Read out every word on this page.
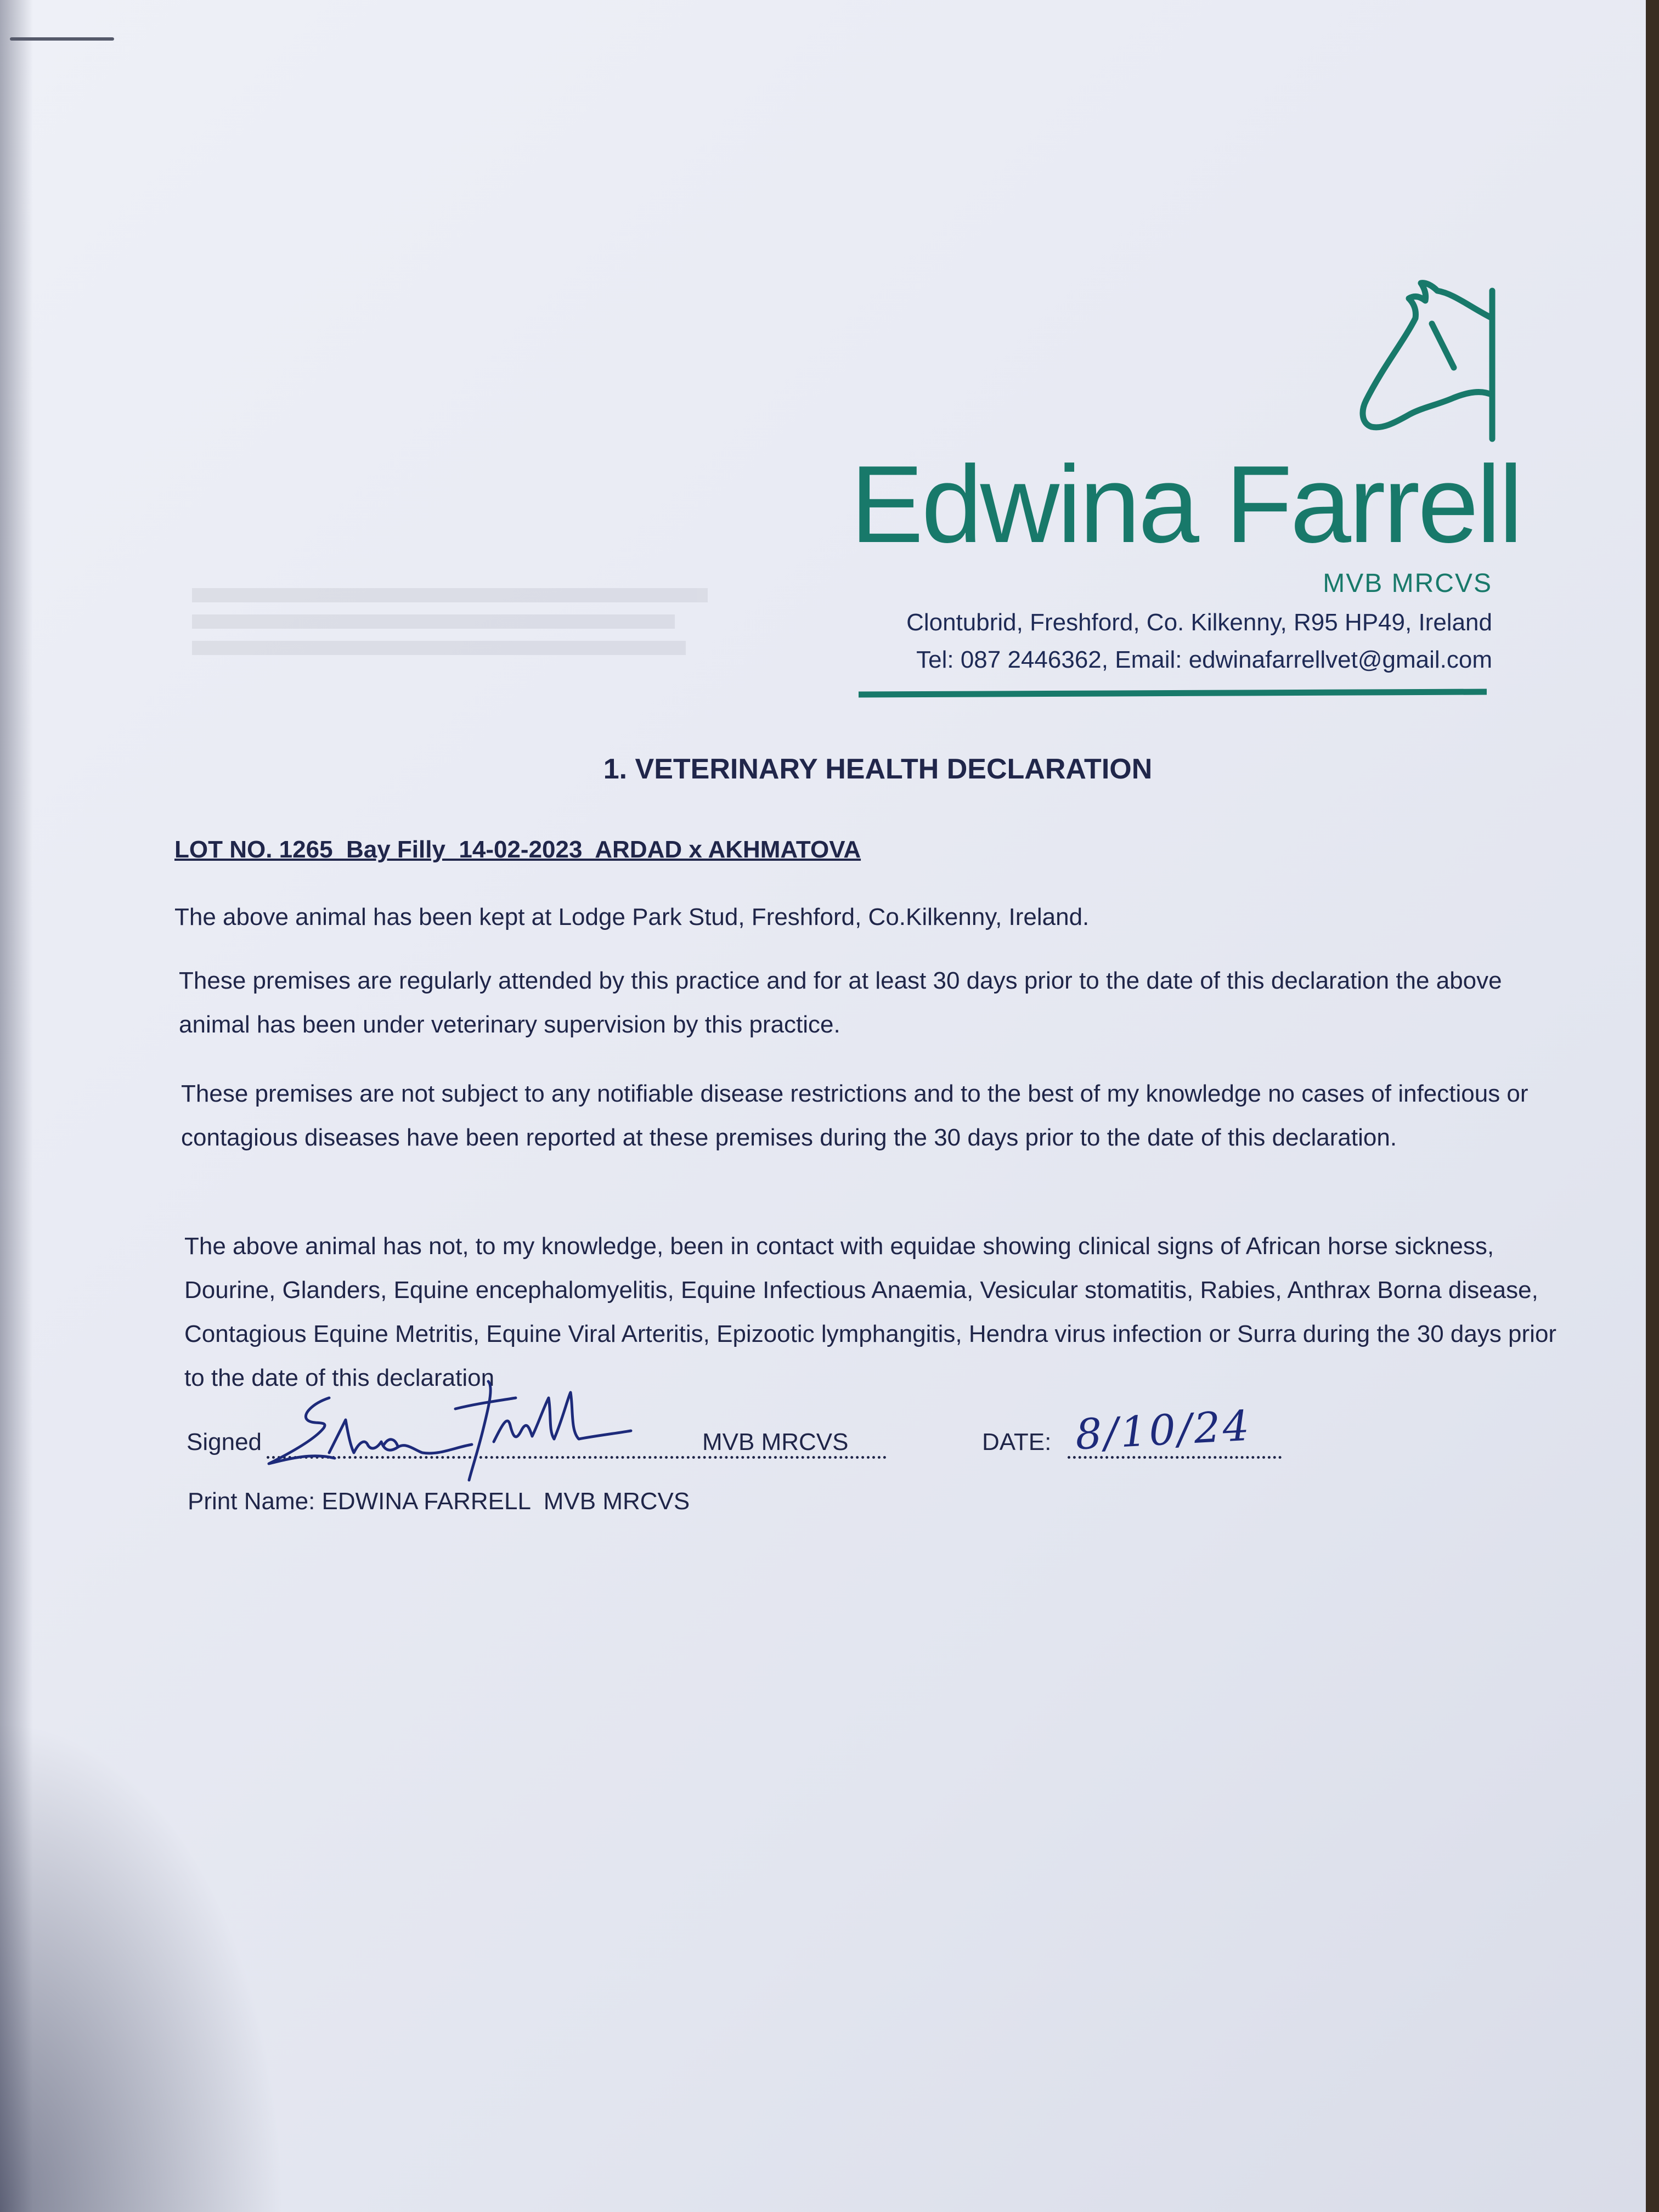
Edwina Farrell
MVB MRCVS
Clontubrid, Freshford, Co. Kilkenny, R95 HP49, Ireland
Tel: 087 2446362, Email: edwinafarrellvet@gmail.com
1. VETERINARY HEALTH DECLARATION
LOT NO. 1265  Bay Filly  14-02-2023  ARDAD x AKHMATOVA
The above animal has been kept at Lodge Park Stud, Freshford, Co.Kilkenny, Ireland.
These premises are regularly attended by this practice and for at least 30 days prior to the date of this declaration the above animal has been under veterinary supervision by this practice.
These premises are not subject to any notifiable disease restrictions and to the best of my knowledge no cases of infectious or contagious diseases have been reported at these premises during the 30 days prior to the date of this declaration.
The above animal has not, to my knowledge, been in contact with equidae showing clinical signs of African horse sickness, Dourine, Glanders, Equine encephalomyelitis, Equine Infectious Anaemia, Vesicular stomatitis, Rabies, Anthrax Borna disease, Contagious Equine Metritis, Equine Viral Arteritis, Epizootic lymphangitis, Hendra virus infection or Surra during the 30 days prior to the date of this declaration
Signed	MVB MRCVS	DATE: 8/10/24
Print Name: EDWINA FARRELL  MVB MRCVS
